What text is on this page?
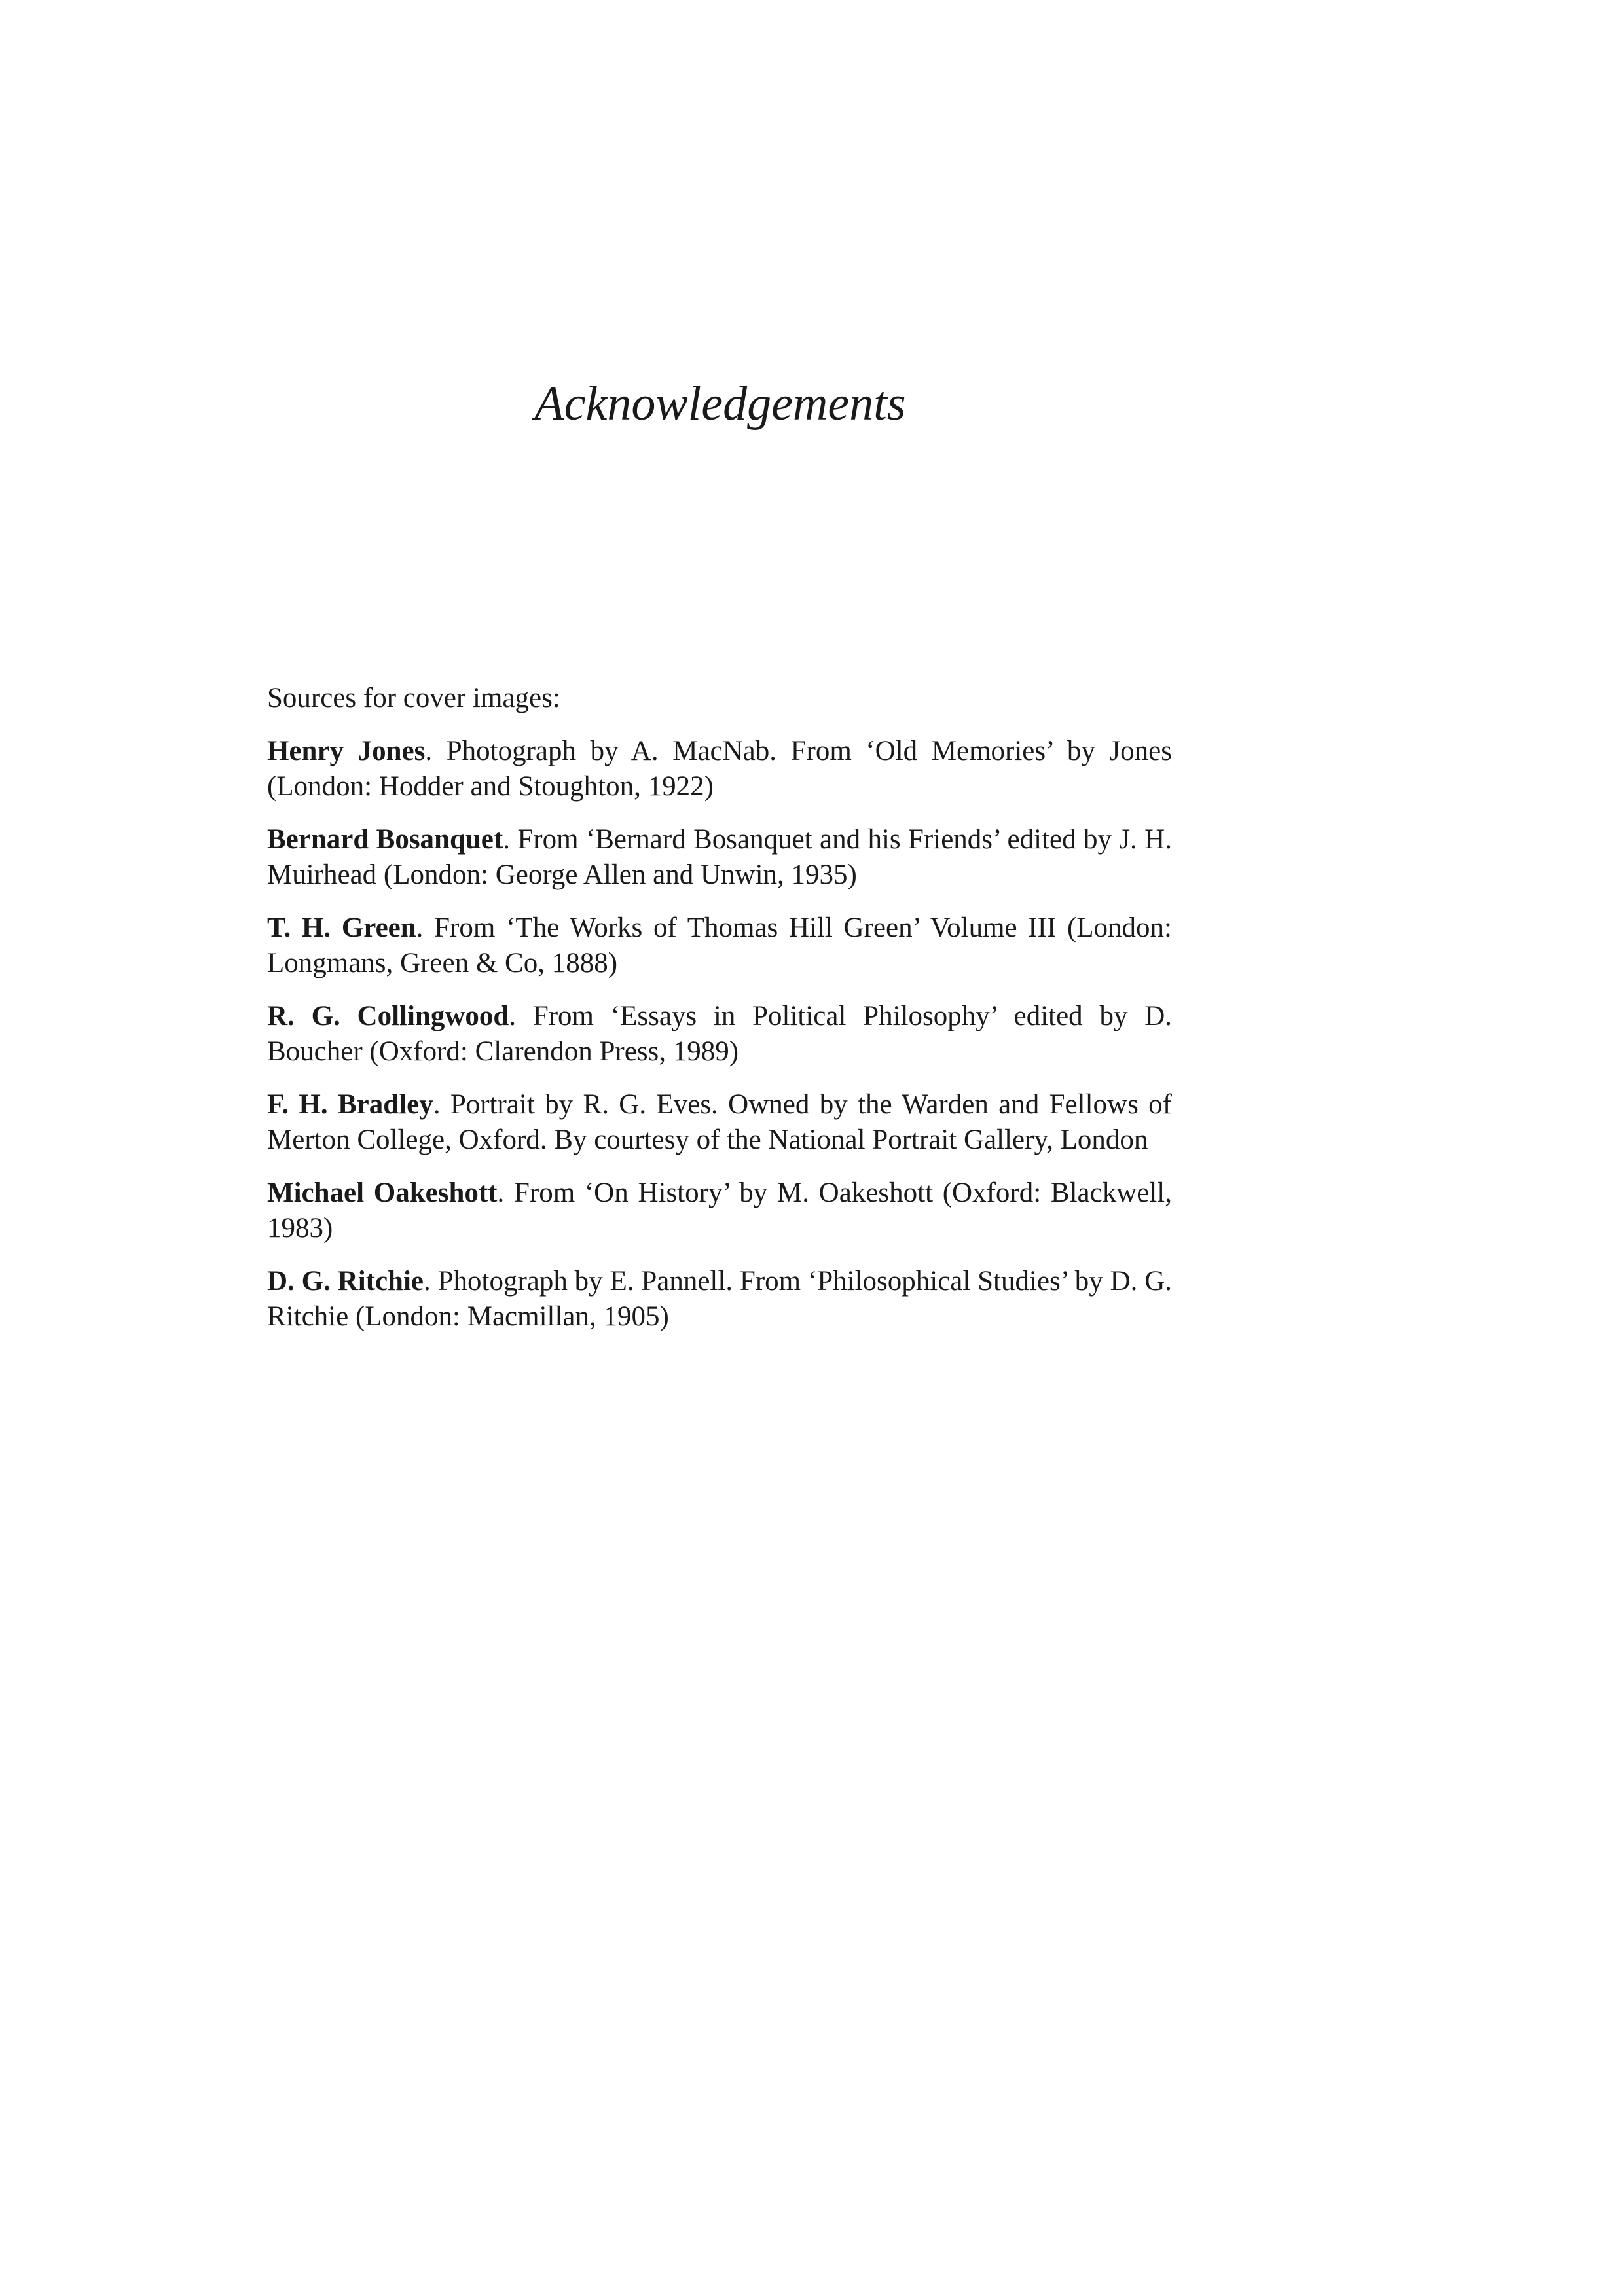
Acknowledgements

Sources for cover images:

Henry Jones. Photograph by A. MacNab. From ‘Old Memories’ by Jones (London: Hodder and Stoughton, 1922)

Bernard Bosanquet. From ‘Bernard Bosanquet and his Friends’ edited by J. H. Muirhead (London: George Allen and Unwin, 1935)

T. H. Green. From ‘The Works of Thomas Hill Green’ Volume III (London: Longmans, Green & Co, 1888)

R. G. Collingwood. From ‘Essays in Political Philosophy’ edited by D. Boucher (Oxford: Clarendon Press, 1989)

F. H. Bradley. Portrait by R. G. Eves. Owned by the Warden and Fellows of Merton College, Oxford. By courtesy of the National Portrait Gallery, London

Michael Oakeshott. From ‘On History’ by M. Oakeshott (Oxford: Blackwell, 1983)

D. G. Ritchie. Photograph by E. Pannell. From ‘Philosophical Studies’ by D. G. Ritchie (London: Macmillan, 1905)
